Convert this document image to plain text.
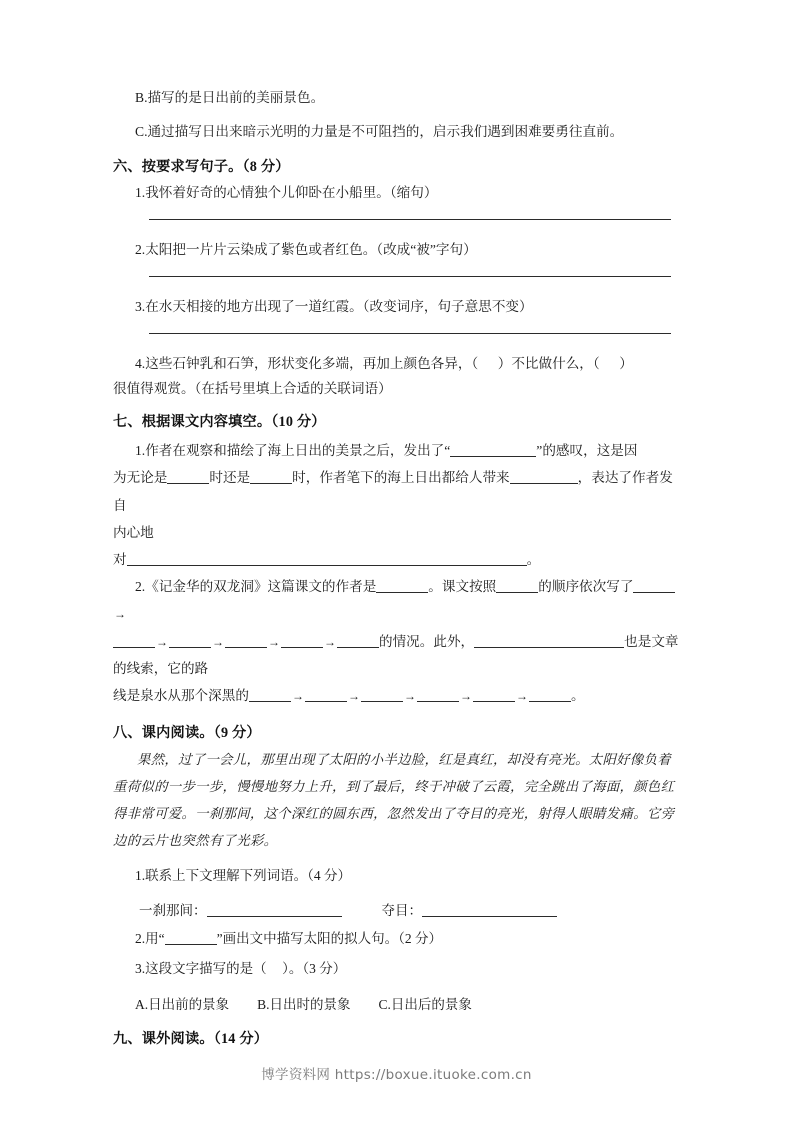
B.描写的是日出前的美丽景色。

C.通过描写日出来暗示光明的力量是不可阻挡的，启示我们遇到困难要勇往直前。

六、按要求写句子。（8 分）

1.我怀着好奇的心情独个儿仰卧在小船里。（缩句）

2.太阳把一片片云染成了紫色或者红色。（改成“被”字句）

3.在水天相接的地方出现了一道红霞。（改变词序，句子意思不变）

4.这些石钟乳和石笋，形状变化多端，再加上颜色各异，（ ）不比做什么，（ ）

很值得观赏。（在括号里填上合适的关联词语）

七、根据课文内容填空。（10 分）

1.作者在观察和描绘了海上日出的美景之后，发出了“	”的感叹，这是因

为无论是	时还是	时，作者笔下的海上日出都给人带来	，表达了作者发自

内心地

对	。

2.《记金华的双龙洞》这篇课文的作者是	。课文按照	的顺序依次写了→

→	→	→	→	的情况。此外，	也是文章的线索，它的路

线是泉水从那个深黑的	→	→	→	→	→	。

八、课内阅读。（9 分）

果然，过了一会儿，那里出现了太阳的小半边脸，红是真红，却没有亮光。太阳好像负着重荷似的一步一步，慢慢地努力上升，到了最后，终于冲破了云霞，完全跳出了海面，颜色红得非常可爱。一刹那间，这个深红的圆东西，忽然发出了夺目的亮光，射得人眼睛发痛。它旁边的云片也突然有了光彩。

1.联系上下文理解下列词语。（4 分）

一刹那间：	夺目：

2.用“	”画出文中描写太阳的拟人句。（2 分）

3.这段文字描写的是（ ）。（3 分）

A.日出前的景象 B.日出时的景象 C.日出后的景象

九、课外阅读。（14 分）
博学资料网 https://boxue.ituoke.com.cn
